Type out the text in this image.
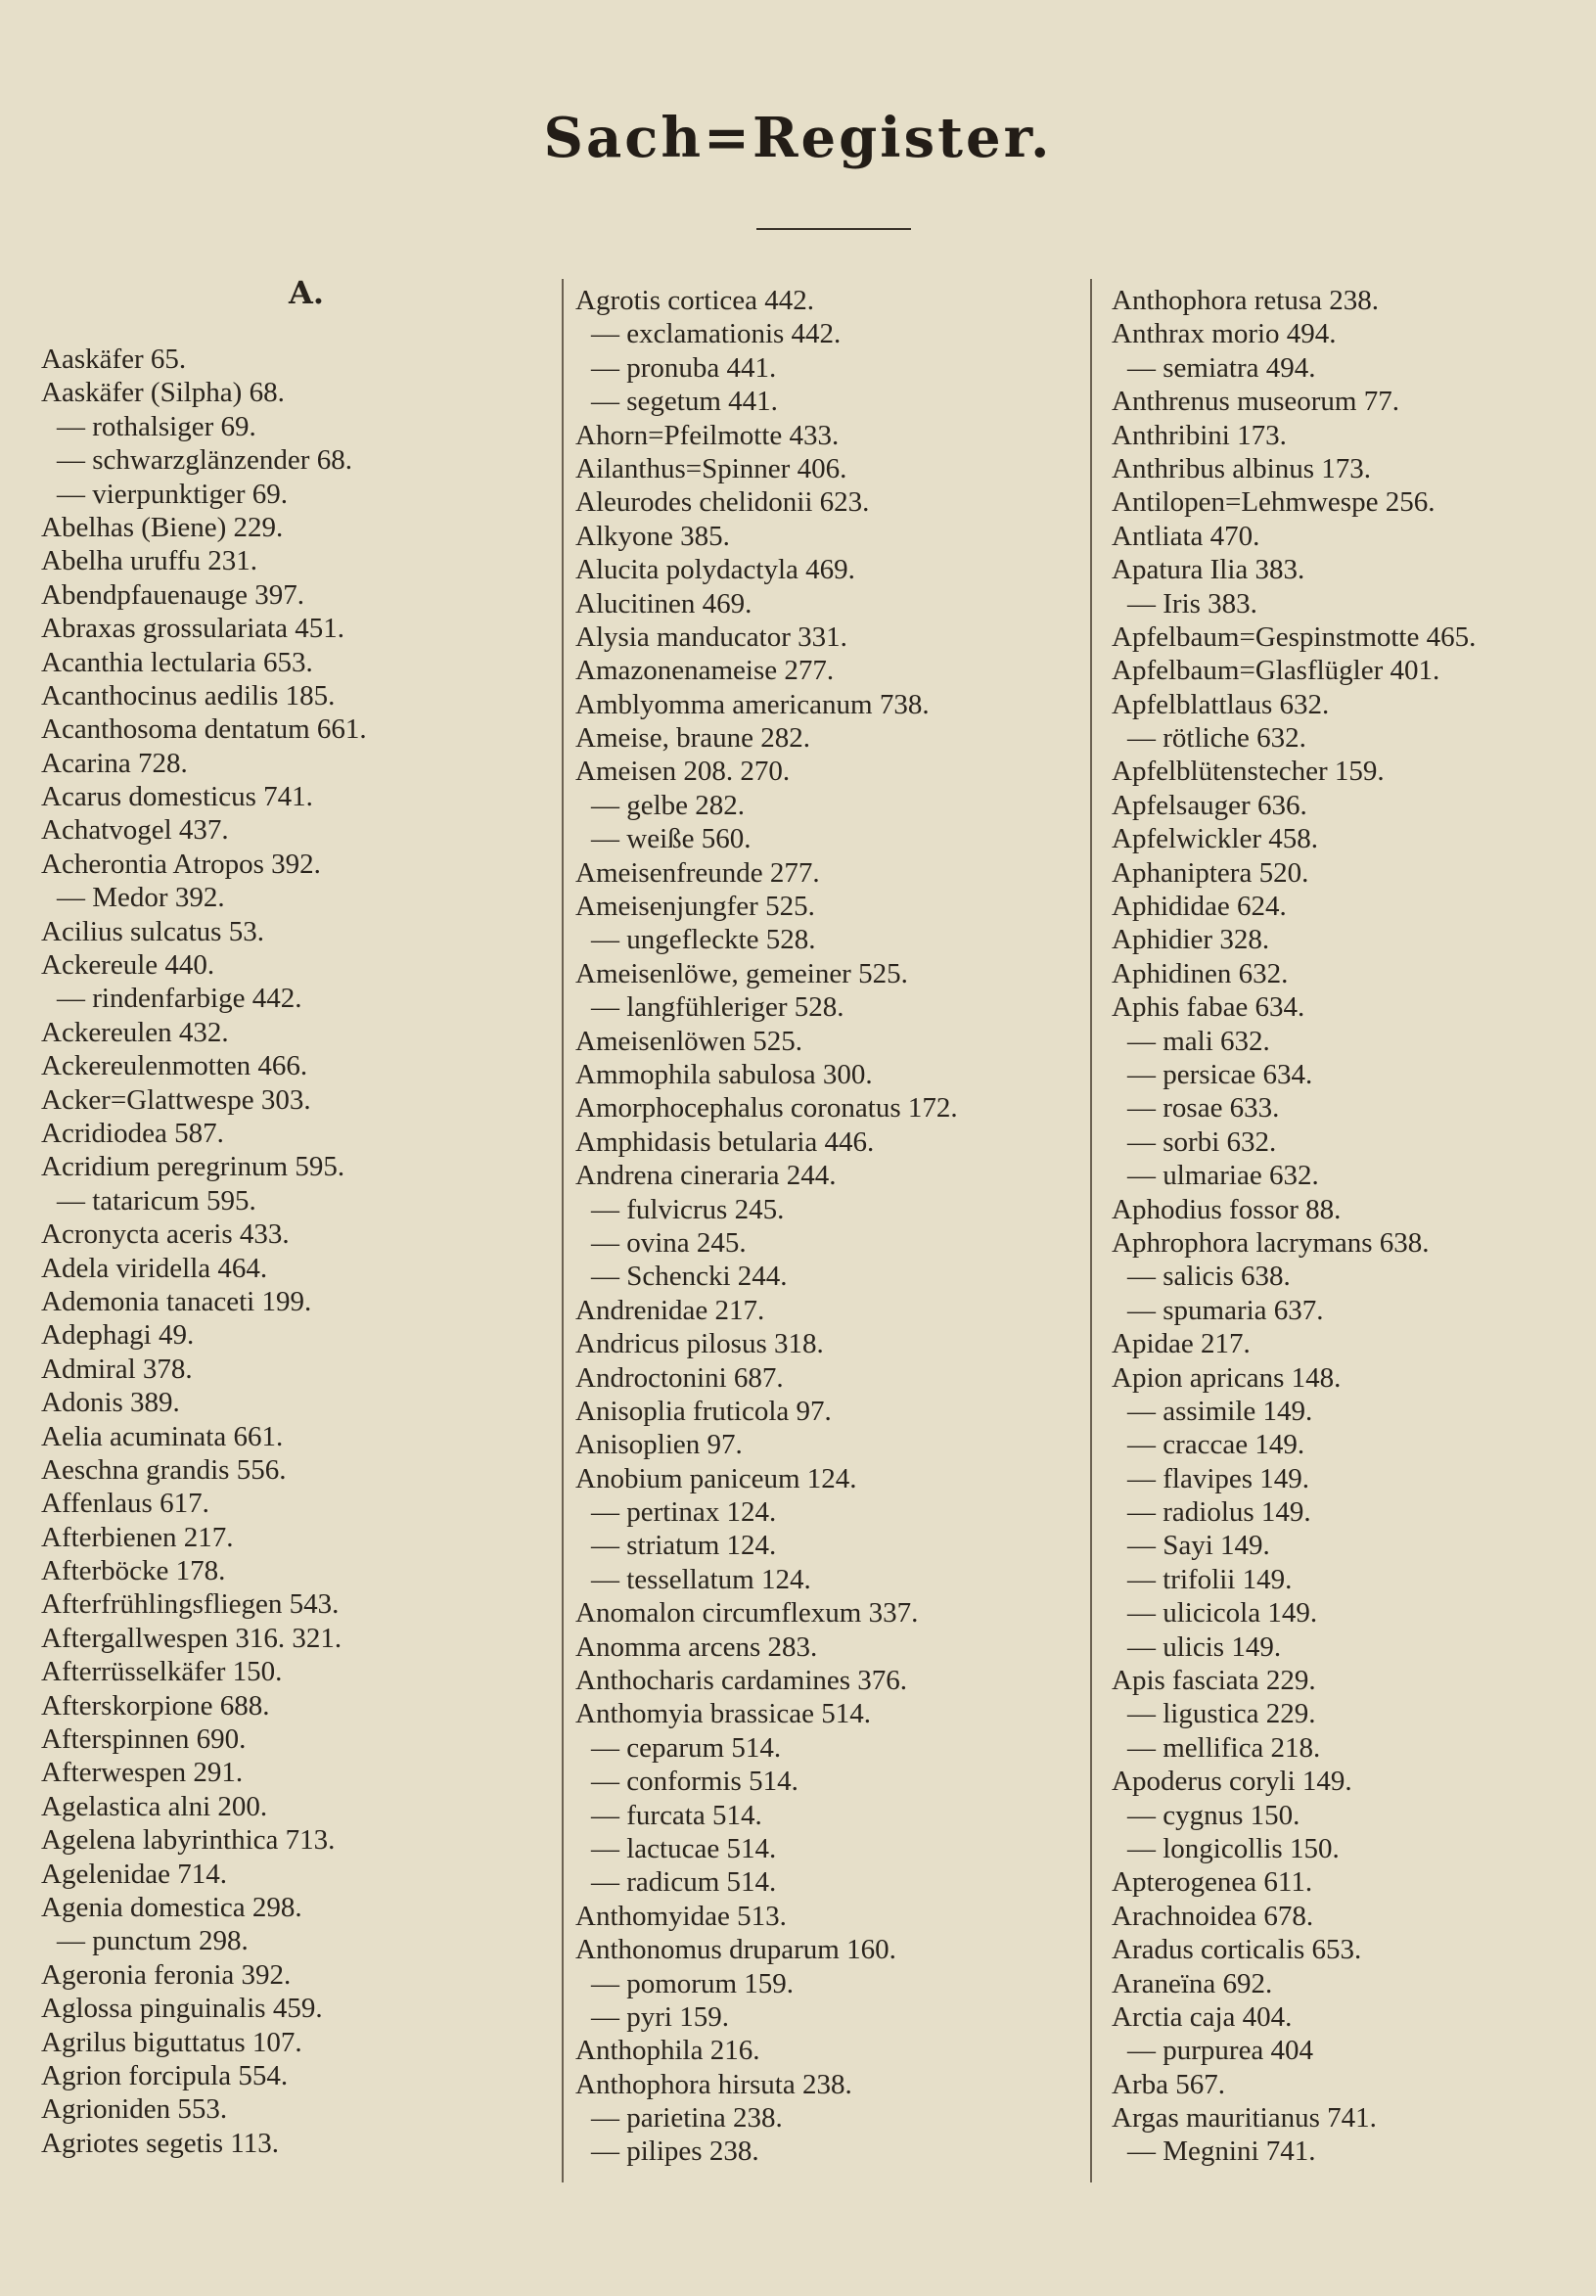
Sach=Register.
A.
Aaskäfer 65.
Aaskäfer (Silpha) 68.
— rothalsiger 69.
— schwarzglänzender 68.
— vierpunktiger 69.
Abelhas (Biene) 229.
Abelha uruffu 231.
Abendpfauenauge 397.
Abraxas grossulariata 451.
Acanthia lectularia 653.
Acanthocinus aedilis 185.
Acanthosoma dentatum 661.
Acarina 728.
Acarus domesticus 741.
Achatvogel 437.
Acherontia Atropos 392.
— Medor 392.
Acilius sulcatus 53.
Ackereule 440.
— rindenfarbige 442.
Ackereulen 432.
Ackereulenmotten 466.
Acker=Glattwespe 303.
Acridiodea 587.
Acridium peregrinum 595.
— tataricum 595.
Acronycta aceris 433.
Adela viridella 464.
Ademonia tanaceti 199.
Adephagi 49.
Admiral 378.
Adonis 389.
Aelia acuminata 661.
Aeschna grandis 556.
Affenlaus 617.
Afterbienen 217.
Afterböcke 178.
Afterfrühlingsfliegen 543.
Aftergallwespen 316. 321.
Afterrüsselkäfer 150.
Afterskorpione 688.
Afterspinnen 690.
Afterwespen 291.
Agelastica alni 200.
Agelena labyrinthica 713.
Agelenidae 714.
Agenia domestica 298.
— punctum 298.
Ageronia feronia 392.
Aglossa pinguinalis 459.
Agrilus biguttatus 107.
Agrion forcipula 554.
Agrioniden 553.
Agriotes segetis 113.
Agrotis corticea 442.
— exclamationis 442.
— pronuba 441.
— segetum 441.
Ahorn=Pfeilmotte 433.
Ailanthus=Spinner 406.
Aleurodes chelidonii 623.
Alkyone 385.
Alucita polydactyla 469.
Alucitinen 469.
Alysia manducator 331.
Amazonenameise 277.
Amblyomma americanum 738.
Ameise, braune 282.
Ameisen 208. 270.
— gelbe 282.
— weiße 560.
Ameisenfreunde 277.
Ameisenjungfer 525.
— ungefleckte 528.
Ameisenlöwe, gemeiner 525.
— langfühleriger 528.
Ameisenlöwen 525.
Ammophila sabulosa 300.
Amorphocephalus coronatus 172.
Amphidasis betularia 446.
Andrena cineraria 244.
— fulvicrus 245.
— ovina 245.
— Schencki 244.
Andrenidae 217.
Andricus pilosus 318.
Androctonini 687.
Anisoplia fruticola 97.
Anisoplien 97.
Anobium paniceum 124.
— pertinax 124.
— striatum 124.
— tessellatum 124.
Anomalon circumflexum 337.
Anomma arcens 283.
Anthocharis cardamines 376.
Anthomyia brassicae 514.
— ceparum 514.
— conformis 514.
— furcata 514.
— lactucae 514.
— radicum 514.
Anthomyidae 513.
Anthonomus druparum 160.
— pomorum 159.
— pyri 159.
Anthophila 216.
Anthophora hirsuta 238.
— parietina 238.
— pilipes 238.
Anthophora retusa 238.
Anthrax morio 494.
— semiatra 494.
Anthrenus museorum 77.
Anthribini 173.
Anthribus albinus 173.
Antilopen=Lehmwespe 256.
Antliata 470.
Apatura Ilia 383.
— Iris 383.
Apfelbaum=Gespinstmotte 465.
Apfelbaum=Glasflügler 401.
Apfelblattlaus 632.
— rötliche 632.
Apfelblütenstecher 159.
Apfelsauger 636.
Apfelwickler 458.
Aphaniptera 520.
Aphididae 624.
Aphidier 328.
Aphidinen 632.
Aphis fabae 634.
— mali 632.
— persicae 634.
— rosae 633.
— sorbi 632.
— ulmariae 632.
Aphodius fossor 88.
Aphrophora lacrymans 638.
— salicis 638.
— spumaria 637.
Apidae 217.
Apion apricans 148.
— assimile 149.
— craccae 149.
— flavipes 149.
— radiolus 149.
— Sayi 149.
— trifolii 149.
— ulicicola 149.
— ulicis 149.
Apis fasciata 229.
— ligustica 229.
— mellifica 218.
Apoderus coryli 149.
— cygnus 150.
— longicollis 150.
Apterogenea 611.
Arachnoidea 678.
Aradus corticalis 653.
Araneïna 692.
Arctia caja 404.
— purpurea 404
Arba 567.
Argas mauritianus 741.
— Megnini 741.
